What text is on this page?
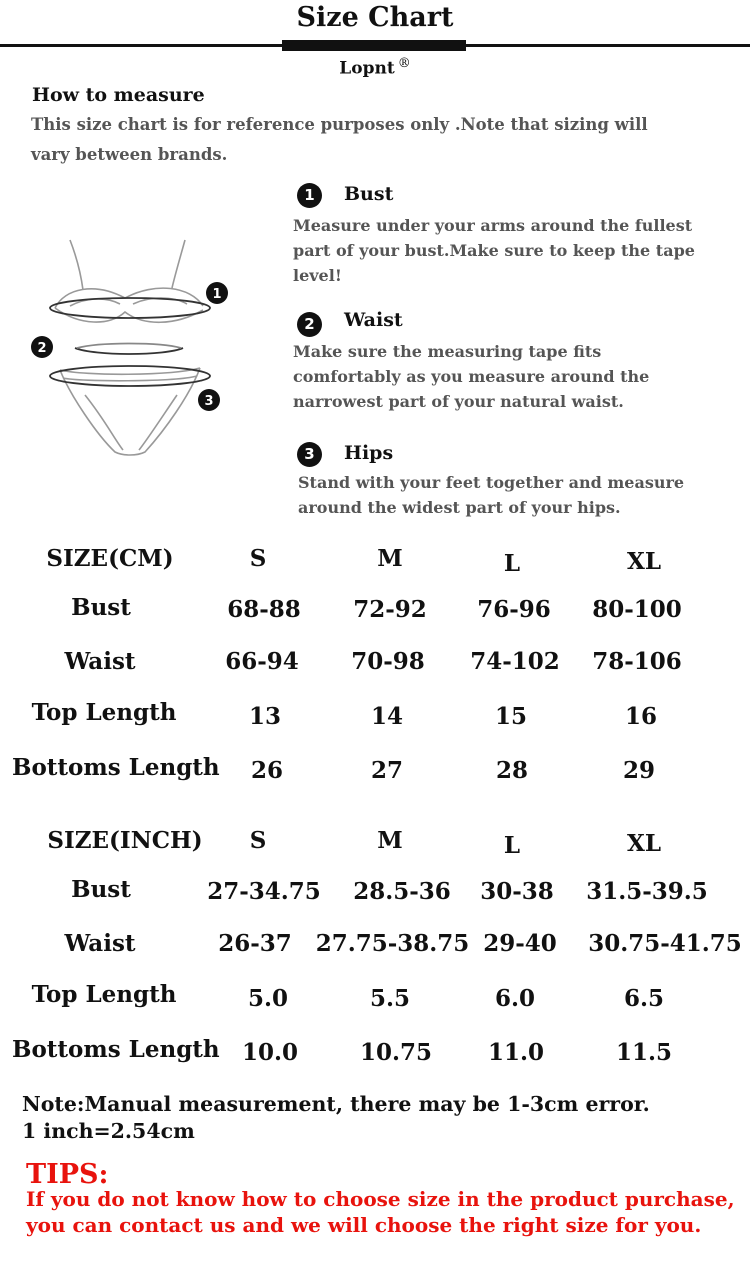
Size Chart
Lopnt ®
How to measure
This size chart is for reference purposes only .Note that sizing will vary between brands.
1
2
3
1	Bust
Measure under your arms around the fullest part of your bust.Make sure to keep the tape level!
2	Waist
Make sure the measuring tape fits comfortably as you measure around the narrowest part of your natural waist.
3	Hips
Stand with your feet together and measure around the widest part of your hips.
SIZE(CM)	S	M	L	XL
Bust	68-88	72-92	76-96	80-100
Waist	66-94	70-98	74-102	78-106
Top Length	13	14	15	16
Bottoms Length	26	27	28	29
SIZE(INCH)	S	M	L	XL
Bust	27-34.75	28.5-36	30-38	31.5-39.5
Waist	26-37	27.75-38.75 29-40	30.75-41.75
Top Length	5.0	5.5	6.0	6.5
Bottoms Length 10.0	10.75	11.0	11.5
Note:Manual measurement, there may be 1-3cm error.
1 inch=2.54cm
TIPS:
If you do not know how to choose size in the product purchase, you can contact us and we will choose the right size for you.
